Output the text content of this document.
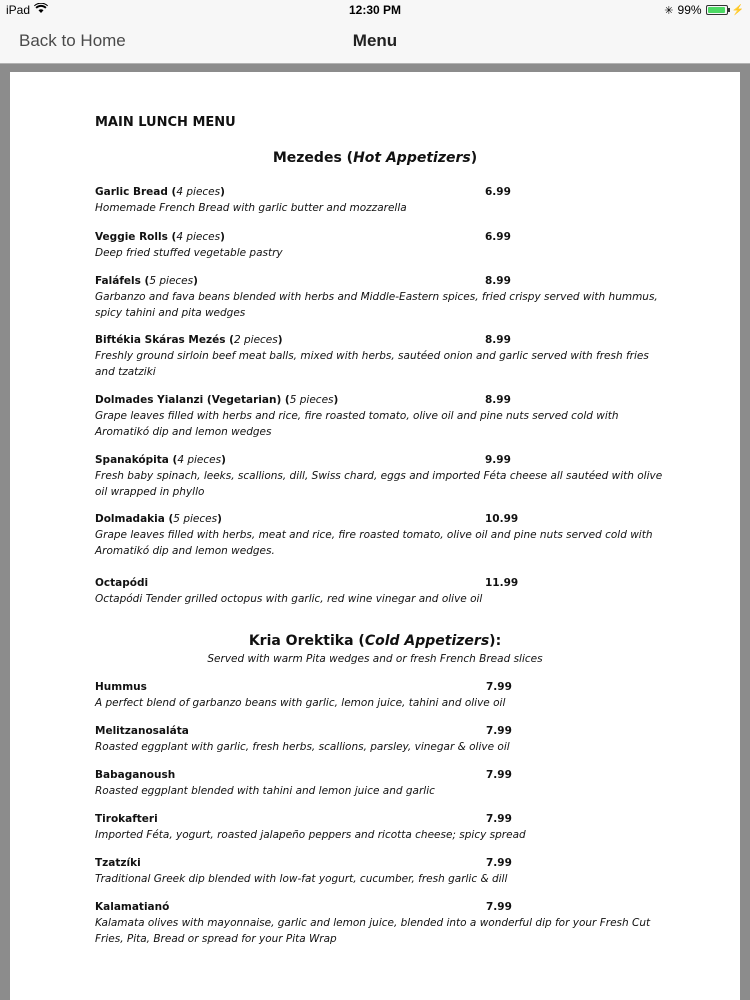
iPad	12:30 PM	✳ 99%	⚡
Back to Home	Menu
MAIN LUNCH MENU
Mezedes (Hot Appetizers)
Garlic Bread (4 pieces)	6.99
Homemade French Bread with garlic butter and mozzarella
Veggie Rolls (4 pieces)	6.99
Deep fried stuffed vegetable pastry
Faláfels (5 pieces)	8.99
Garbanzo and fava beans blended with herbs and Middle-Eastern spices, fried crispy served with hummus, spicy tahini and pita wedges
Biftékia Skáras Mezés (2 pieces)	8.99
Freshly ground sirloin beef meat balls, mixed with herbs, sautéed onion and garlic served with fresh fries and tzatziki
Dolmades Yialanzi (Vegetarian) (5 pieces)	8.99
Grape leaves filled with herbs and rice, fire roasted tomato, olive oil and pine nuts served cold with Aromatikó dip and lemon wedges
Spanakópita (4 pieces)	9.99
Fresh baby spinach, leeks, scallions, dill, Swiss chard, eggs and imported Féta cheese all sautéed with olive oil wrapped in phyllo
Dolmadakia (5 pieces)	10.99
Grape leaves filled with herbs, meat and rice, fire roasted tomato, olive oil and pine nuts served cold with Aromatikó dip and lemon wedges.
Octapódi	11.99
Octapódi Tender grilled octopus with garlic, red wine vinegar and olive oil
Kria Orektika (Cold Appetizers):
Served with warm Pita wedges and or fresh French Bread slices
Hummus	7.99
A perfect blend of garbanzo beans with garlic, lemon juice, tahini and olive oil
Melitzanosaláta	7.99
Roasted eggplant with garlic, fresh herbs, scallions, parsley, vinegar & olive oil
Babaganoush	7.99
Roasted eggplant blended with tahini and lemon juice and garlic
Tirokafteri	7.99
Imported Féta, yogurt, roasted jalapeño peppers and ricotta cheese; spicy spread
Tzatzíki	7.99
Traditional Greek dip blended with low-fat yogurt, cucumber, fresh garlic & dill
Kalamatianó	7.99
Kalamata olives with mayonnaise, garlic and lemon juice, blended into a wonderful dip for your Fresh Cut Fries, Pita, Bread or spread for your Pita Wrap
